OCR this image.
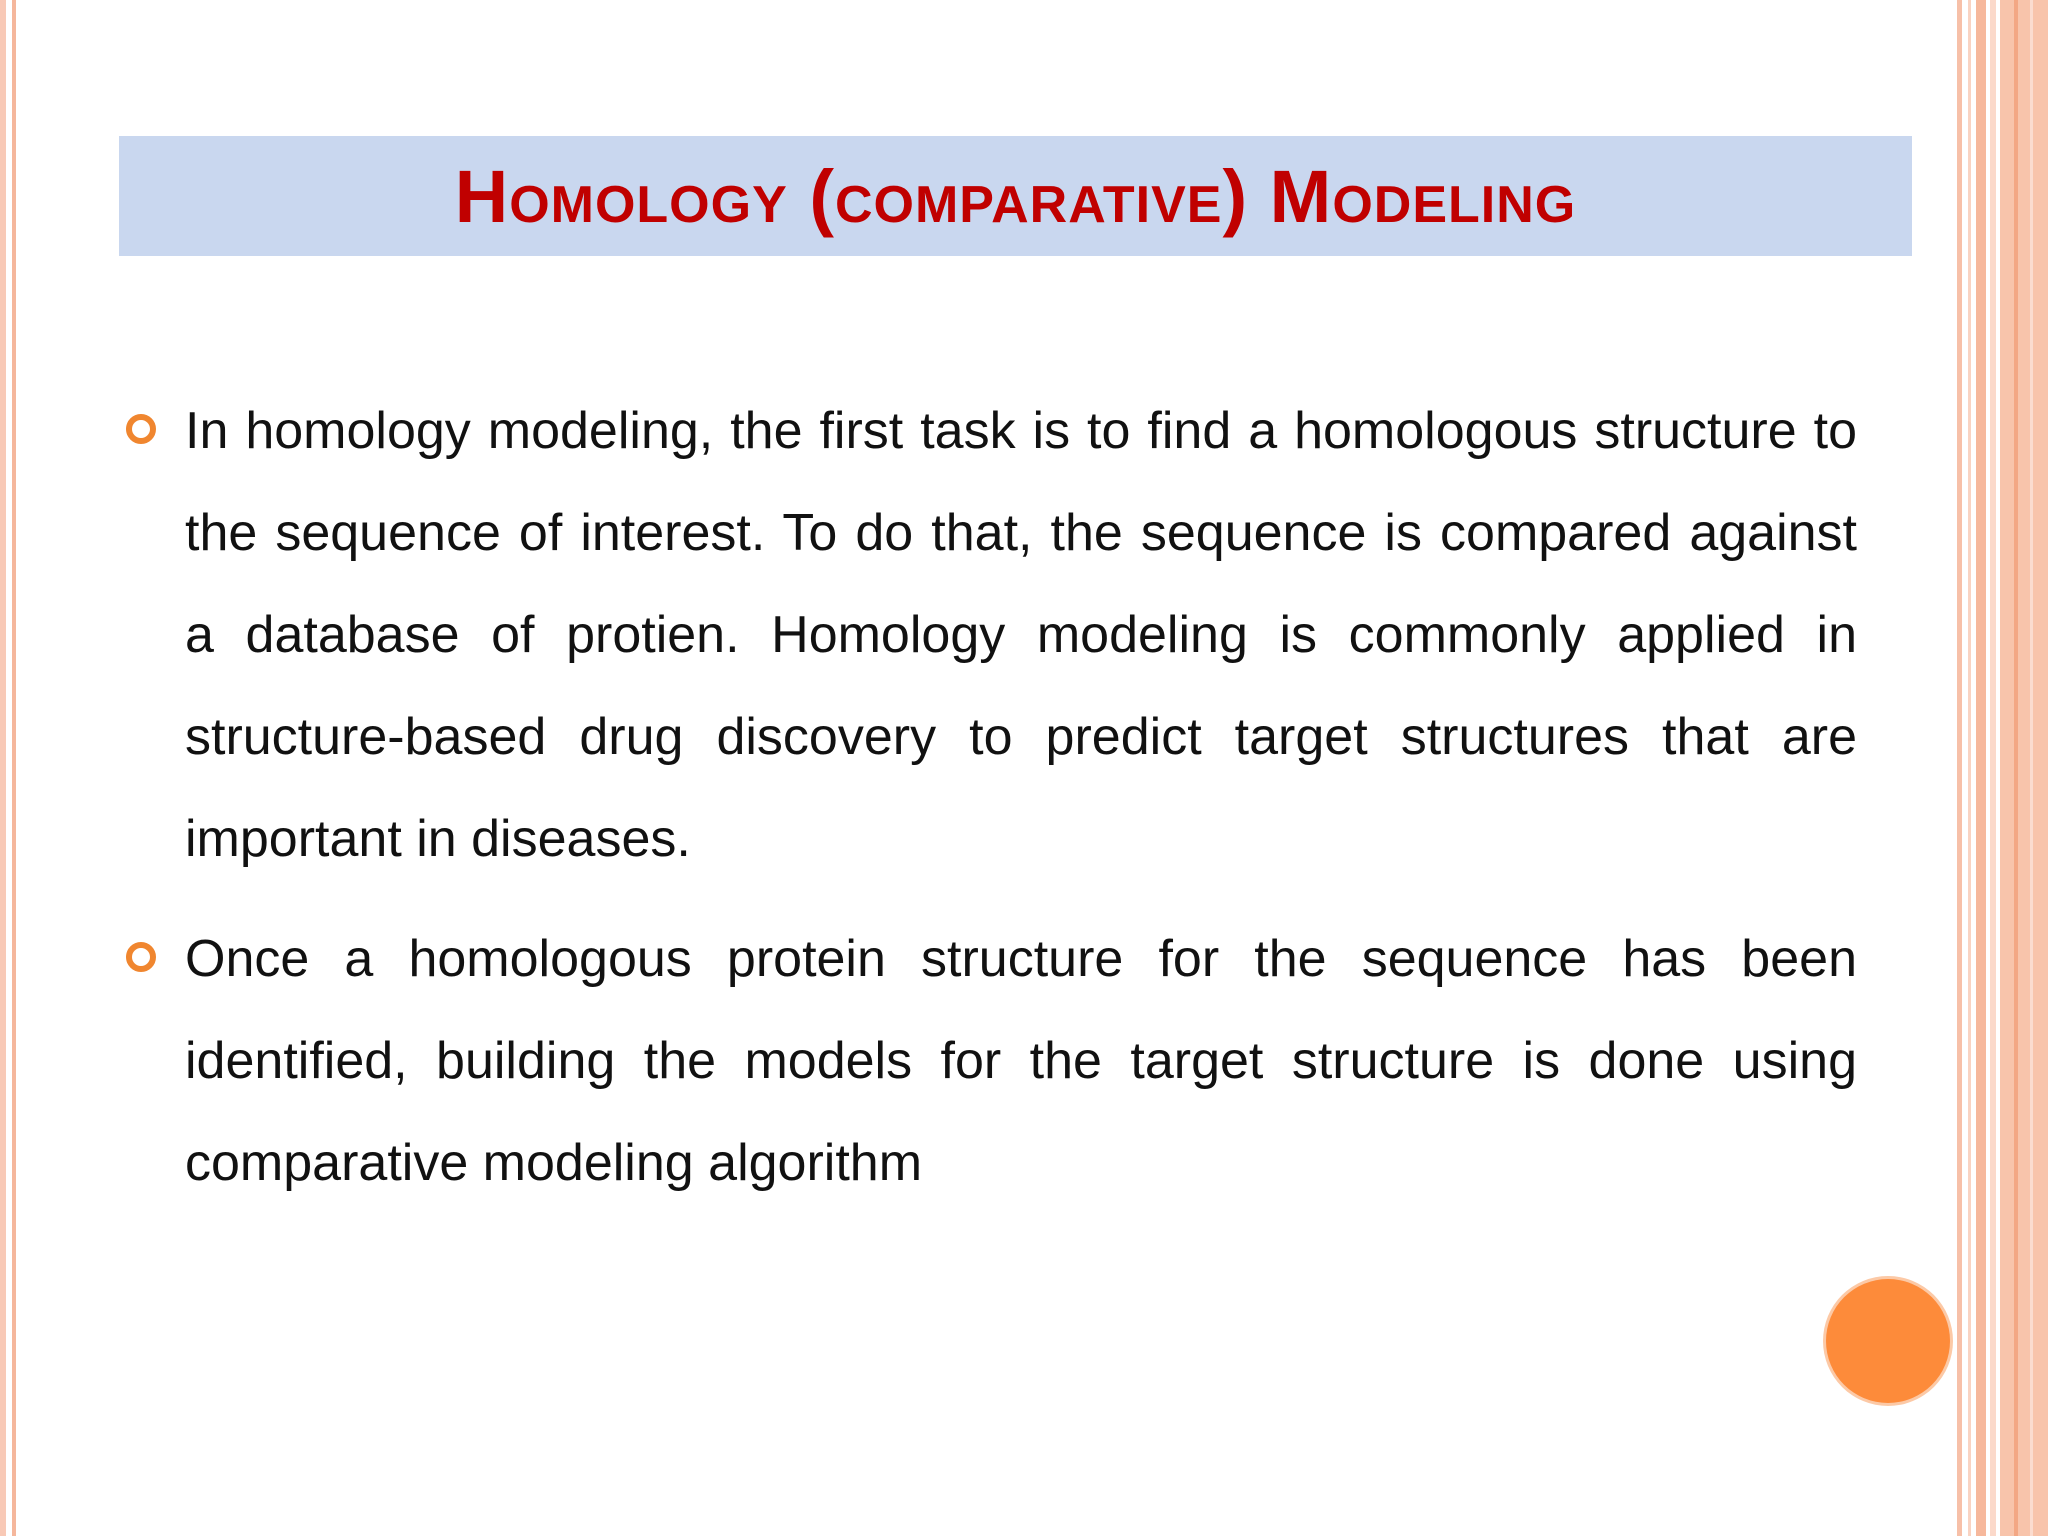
Homology (comparative) Modeling
In homology modeling, the first task is to find a homologous structure to the sequence of interest. To do that, the sequence is compared against a database of protien. Homology modeling is commonly applied in structure-based drug discovery to predict target structures that are important in diseases.
Once a homologous protein structure for the sequence has been identified, building the models for the target structure is done using comparative modeling algorithm
